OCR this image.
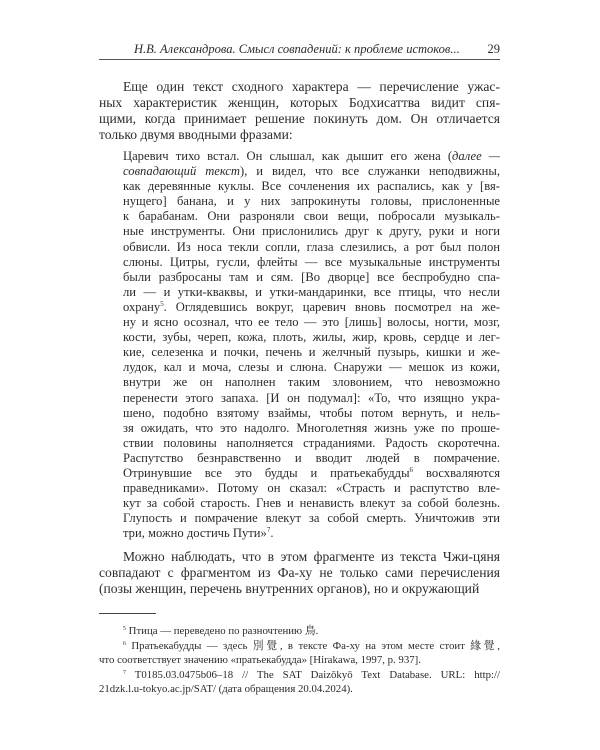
Н.В. Александрова. Смысл совпадений: к проблеме истоков... 29
Еще один текст сходного характера — перечисление ужас-
ных характеристик женщин, которых Бодхисаттва видит спя-
щими, когда принимает решение покинуть дом. Он отличается
только двумя вводными фразами:
Царевич тихо встал. Он слышал, как дышит его жена (далее —
совпадающий текст), и видел, что все служанки неподвижны,
как деревянные куклы. Все сочленения их распались, как у [вя-
нущего] банана, и у них запрокинуты головы, прислоненные
к барабанам. Они разроняли свои вещи, побросали музыкаль-
ные инструменты. Они прислонились друг к другу, руки и ноги
обвисли. Из носа текли сопли, глаза слезились, а рот был полон
слюны. Цитры, гусли, флейты — все музыкальные инструменты
были разбросаны там и сям. [Во дворце] все беспробудно спа-
ли — и утки-кваквы, и утки-мандаринки, все птицы, что несли
охрану$^5$. Оглядевшись вокруг, царевич вновь посмотрел на же-
ну и ясно осознал, что ее тело — это [лишь] волосы, ногти, мозг,
кости, зубы, череп, кожа, плоть, жилы, жир, кровь, сердце и лег-
кие, селезенка и почки, печень и желчный пузырь, кишки и же-
лудок, кал и моча, слезы и слюна. Снаружи — мешок из кожи,
внутри же он наполнен таким зловонием, что невозможно
перенести этого запаха. [И он подумал]: «То, что изящно укра-
шено, подобно взятому взаймы, чтобы потом вернуть, и нель-
зя ожидать, что это надолго. Многолетняя жизнь уже по проше-
ствии половины наполняется страданиями. Радость скоротечна.
Распутство безнравственно и вводит людей в помрачение.
Отринувшие все это будды и пратьекабудды$^6$ восхваляются
праведниками». Потому он сказал: «Страсть и распутство вле-
кут за собой старость. Гнев и ненависть влекут за собой болезнь.
Глупость и помрачение влекут за собой смерть. Уничтожив эти
три, можно достичь Пути»$^7$.
Можно наблюдать, что в этом фрагменте из текста Чжи-цяня
совпадают с фрагментом из Фа-ху не только сами перечисления
(позы женщин, перечень внутренних органов), но и окружающий
$^5$ Птица — переведено по разночтению 鳥.
$^6$ Пратьекабудды — здесь 別覺, в тексте Фа-ху на этом месте стоит 緣覺,
что соответствует значению «пратьекабудда» [Hirakawa, 1997, p. 937].
$^7$ T0185.03.0475b06–18 // The SAT Daizōkyō Text Database. URL: http://
21dzk.l.u-tokyo.ac.jp/SAT/ (дата обращения 20.04.2024).
